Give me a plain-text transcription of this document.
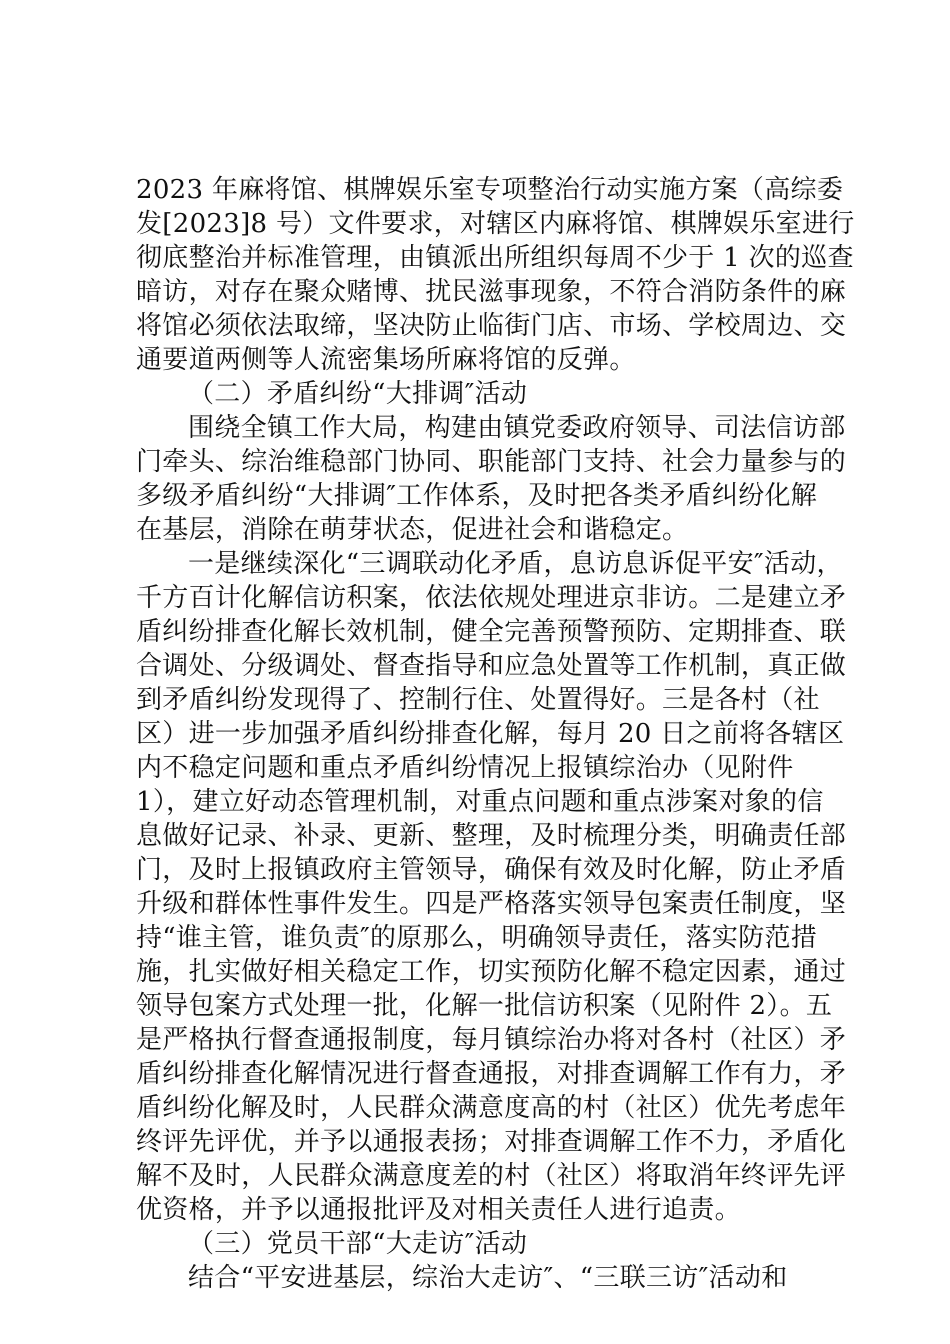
2023 年麻将馆、棋牌娱乐室专项整治行动实施方案（高综委
发[2023]8 号）文件要求，对辖区内麻将馆、棋牌娱乐室进行
彻底整治并标准管理，由镇派出所组织每周不少于 1 次的巡查
暗访，对存在聚众赌博、扰民滋事现象，不符合消防条件的麻
将馆必须依法取缔，坚决防止临街门店、市场、学校周边、交
通要道两侧等人流密集场所麻将馆的反弹。
（二）矛盾纠纷“大排调″活动
围绕全镇工作大局，构建由镇党委政府领导、司法信访部
门牵头、综治维稳部门协同、职能部门支持、社会力量参与的
多级矛盾纠纷“大排调″工作体系，及时把各类矛盾纠纷化解
在基层，消除在萌芽状态，促进社会和谐稳定。
一是继续深化“三调联动化矛盾，息访息诉促平安″活动，
千方百计化解信访积案，依法依规处理进京非访。二是建立矛
盾纠纷排查化解长效机制，健全完善预警预防、定期排查、联
合调处、分级调处、督查指导和应急处置等工作机制，真正做
到矛盾纠纷发现得了、控制行住、处置得好。三是各村（社
区）进一步加强矛盾纠纷排查化解，每月 20 日之前将各辖区
内不稳定问题和重点矛盾纠纷情况上报镇综治办（见附件
1），建立好动态管理机制，对重点问题和重点涉案对象的信
息做好记录、补录、更新、整理，及时梳理分类，明确责任部
门，及时上报镇政府主管领导，确保有效及时化解，防止矛盾
升级和群体性事件发生。四是严格落实领导包案责任制度，坚
持“谁主管，谁负责″的原那么，明确领导责任，落实防范措
施，扎实做好相关稳定工作，切实预防化解不稳定因素，通过
领导包案方式处理一批，化解一批信访积案（见附件 2）。五
是严格执行督查通报制度，每月镇综治办将对各村（社区）矛
盾纠纷排查化解情况进行督查通报，对排查调解工作有力，矛
盾纠纷化解及时，人民群众满意度高的村（社区）优先考虑年
终评先评优，并予以通报表扬；对排查调解工作不力，矛盾化
解不及时，人民群众满意度差的村（社区）将取消年终评先评
优资格，并予以通报批评及对相关责任人进行追责。
（三）党员干部“大走访″活动
结合“平安进基层，综治大走访″、“三联三访″活动和
